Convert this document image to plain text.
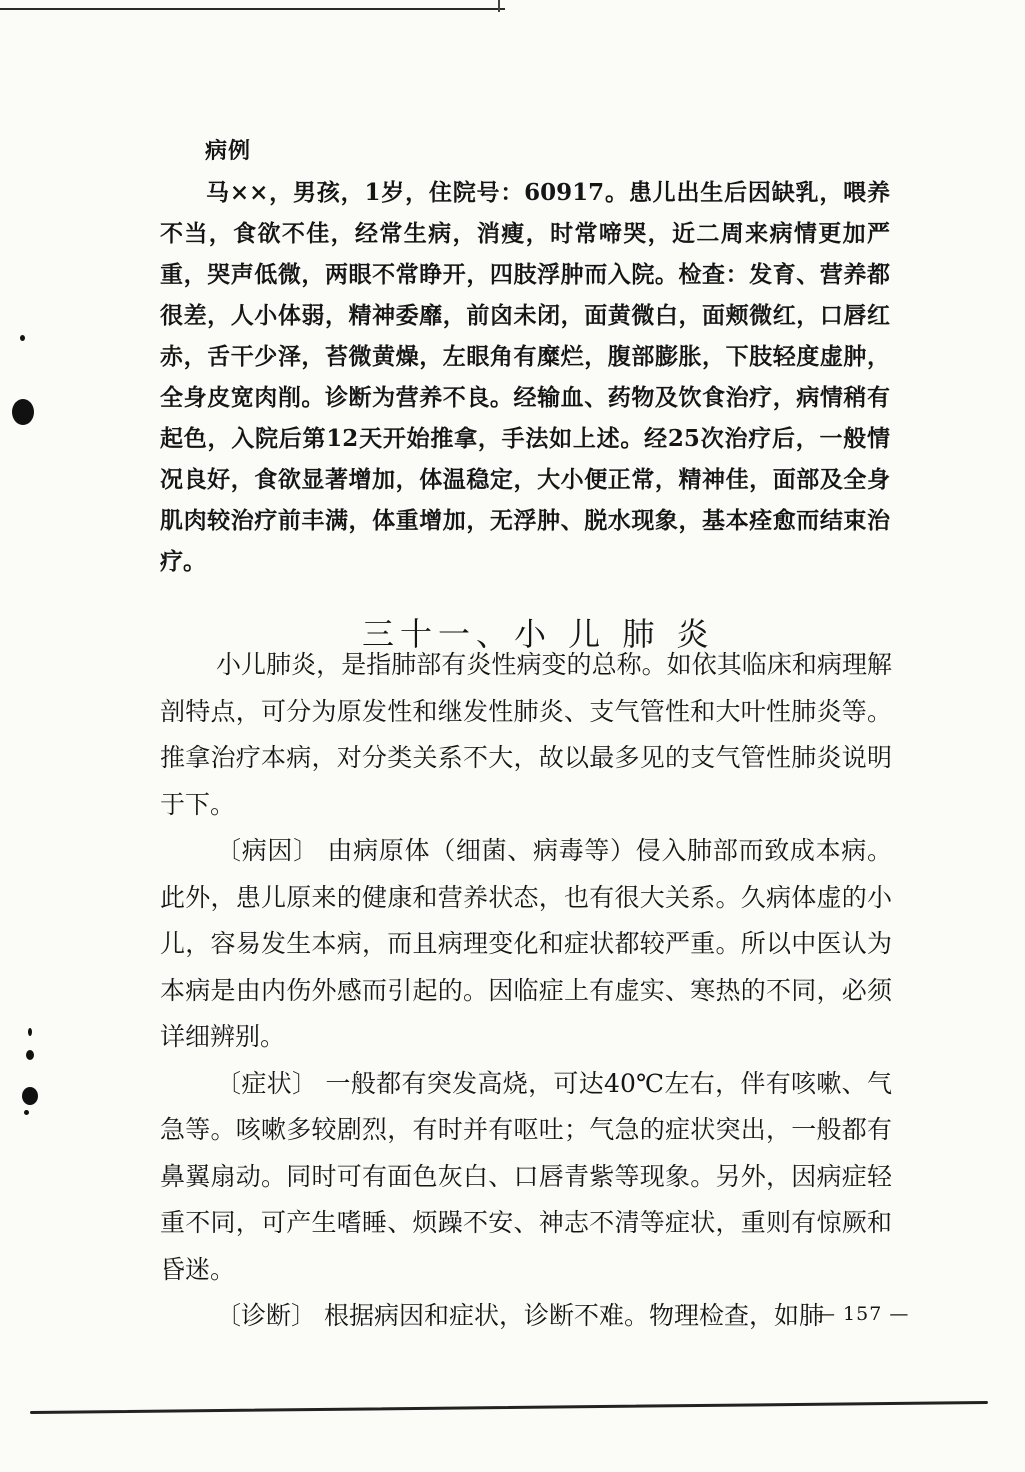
病例

马××，男孩，1岁，住院号：60917。患儿出生后因缺乳，喂养不当，食欲不佳，经常生病，消瘦，时常啼哭，近二周来病情更加严重，哭声低微，两眼不常睁开，四肢浮肿而入院。检查：发育、营养都很差，人小体弱，精神委靡，前囟未闭，面黄微白，面颊微红，口唇红赤，舌干少泽，苔微黄燥，左眼角有糜烂，腹部膨胀，下肢轻度虚肿，全身皮宽肉削。诊断为营养不良。经输血、药物及饮食治疗，病情稍有起色，入院后第12天开始推拿，手法如上述。经25次治疗后，一般情况良好，食欲显著增加，体温稳定，大小便正常，精神佳，面部及全身肌肉较治疗前丰满，体重增加，无浮肿、脱水现象，基本痊愈而结束治疗。

三十一、小 儿 肺 炎

小儿肺炎，是指肺部有炎性病变的总称。如依其临床和病理解剖特点，可分为原发性和继发性肺炎、支气管性和大叶性肺炎等。推拿治疗本病，对分类关系不大，故以最多见的支气管性肺炎说明于下。

〔病因〕 由病原体（细菌、病毒等）侵入肺部而致成本病。此外，患儿原来的健康和营养状态，也有很大关系。久病体虚的小儿，容易发生本病，而且病理变化和症状都较严重。所以中医认为本病是由内伤外感而引起的。因临症上有虚实、寒热的不同，必须详细辨别。

〔症状〕 一般都有突发高烧，可达40℃左右，伴有咳嗽、气急等。咳嗽多较剧烈，有时并有呕吐；气急的症状突出，一般都有鼻翼扇动。同时可有面色灰白、口唇青紫等现象。另外，因病症轻重不同，可产生嗜睡、烦躁不安、神志不清等症状，重则有惊厥和昏迷。

〔诊断〕 根据病因和症状，诊断不难。物理检查，如肺

— 157 —
